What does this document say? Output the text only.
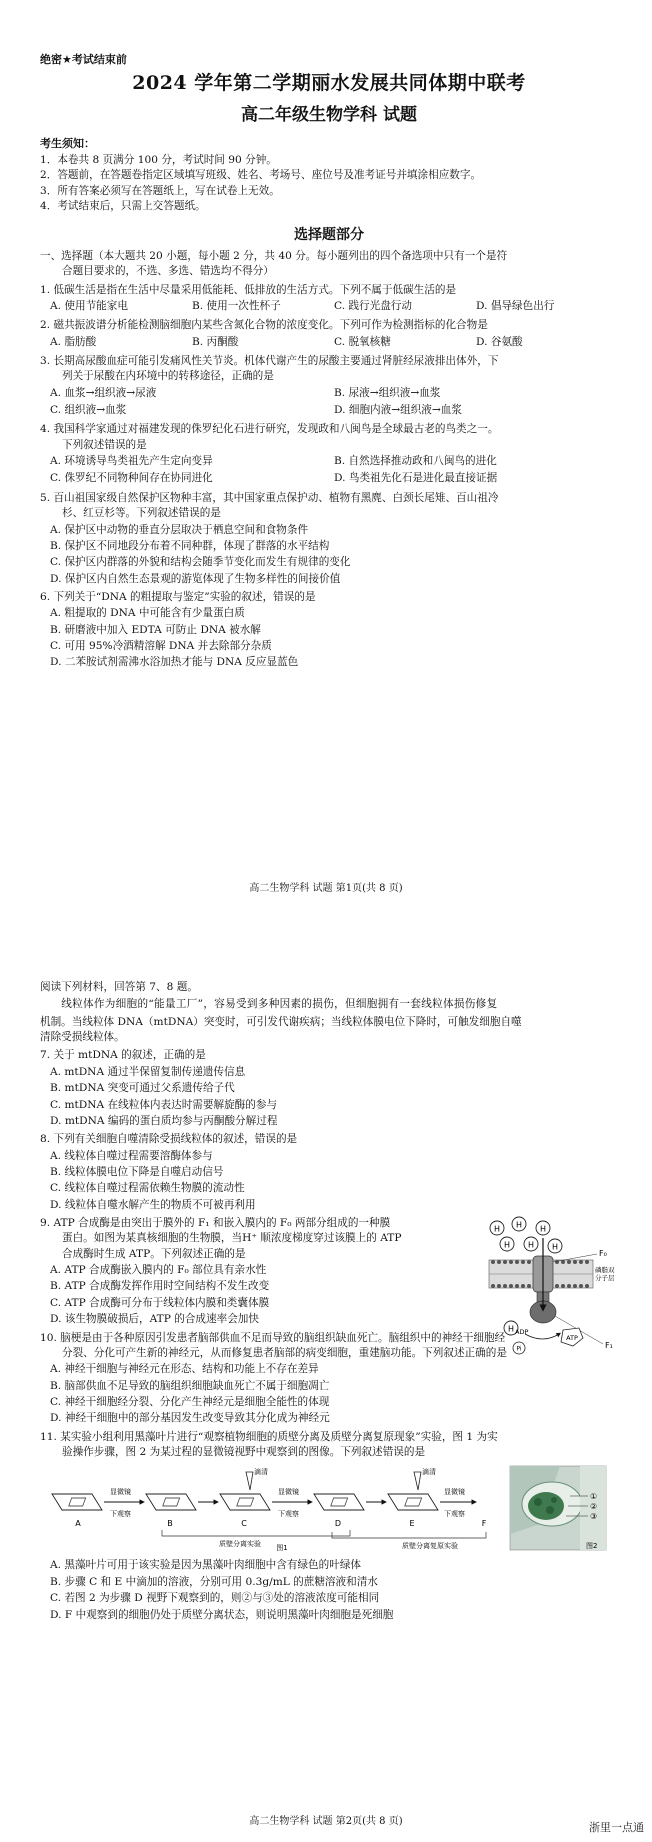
绝密★考试结束前

2024 学年第二学期丽水发展共同体期中联考

高二年级生物学科 试题

考生须知：

1．本卷共 8 页满分 100 分，考试时间 90 分钟。

2．答题前，在答题卷指定区域填写班级、姓名、考场号、座位号及准考证号并填涂相应数字。

3．所有答案必须写在答题纸上，写在试卷上无效。

4．考试结束后，只需上交答题纸。

选择题部分

一、选择题（本大题共 20 小题，每小题 2 分，共 40 分。每小题列出的四个备选项中只有一个是符

合题目要求的，不选、多选、错选均不得分）

1. 低碳生活是指在生活中尽量采用低能耗、低排放的生活方式。下列不属于低碳生活的是

A. 使用节能家电	B. 使用一次性杯子	C. 践行光盘行动	D. 倡导绿色出行

2. 磁共振波谱分析能检测脑细胞内某些含氮化合物的浓度变化。下列可作为检测指标的化合物是

A. 脂肪酸	B. 丙酮酸	C. 脱氧核糖	D. 谷氨酸

3. 长期高尿酸血症可能引发痛风性关节炎。机体代谢产生的尿酸主要通过肾脏经尿液排出体外，下

列关于尿酸在内环境中的转移途径，正确的是

A. 血浆→组织液→尿液	B. 尿液→组织液→血浆
C. 组织液→血浆	D. 细胞内液→组织液→血浆

4. 我国科学家通过对福建发现的侏罗纪化石进行研究，发现政和八闽鸟是全球最古老的鸟类之一。

下列叙述错误的是

A. 环境诱导鸟类祖先产生定向变异	B. 自然选择推动政和八闽鸟的进化
C. 侏罗纪不同物种间存在协同进化	D. 鸟类祖先化石是进化最直接证据

5. 百山祖国家级自然保护区物种丰富，其中国家重点保护动、植物有黑麂、白颈长尾雉、百山祖冷

杉、红豆杉等。下列叙述错误的是

A. 保护区中动物的垂直分层取决于栖息空间和食物条件
B. 保护区不同地段分布着不同种群，体现了群落的水平结构
C. 保护区内群落的外貌和结构会随季节变化而发生有规律的变化
D. 保护区内自然生态景观的游览体现了生物多样性的间接价值

6. 下列关于“DNA 的粗提取与鉴定”实验的叙述，错误的是

A. 粗提取的 DNA 中可能含有少量蛋白质
B. 研磨液中加入 EDTA 可防止 DNA 被水解
C. 可用 95%冷酒精溶解 DNA 并去除部分杂质
D. 二苯胺试剂需沸水浴加热才能与 DNA 反应显蓝色
高二生物学科 试题 第1页(共 8 页)

阅读下列材料，回答第 7、8 题。

线粒体作为细胞的“能量工厂”，容易受到多种因素的损伤，但细胞拥有一套线粒体损伤修复

机制。当线粒体 DNA（mtDNA）突变时，可引发代谢疾病；当线粒体膜电位下降时，可触发细胞自噬

清除受损线粒体。

7. 关于 mtDNA 的叙述，正确的是

A. mtDNA 通过半保留复制传递遗传信息
B. mtDNA 突变可通过父系遗传给子代
C. mtDNA 在线粒体内表达时需要解旋酶的参与
D. mtDNA 编码的蛋白质均参与丙酮酸分解过程

8. 下列有关细胞自噬清除受损线粒体的叙述，错误的是

A. 线粒体自噬过程需要溶酶体参与
B. 线粒体膜电位下降是自噬启动信号
C. 线粒体自噬过程需依赖生物膜的流动性
D. 线粒体自噬水解产生的物质不可被再利用

9. ATP 合成酶是由突出于膜外的 F₁ 和嵌入膜内的 F₀ 两部分组成的一种膜

蛋白。如图为某真核细胞的生物膜，当H⁺ 顺浓度梯度穿过该膜上的 ATP

合成酶时生成 ATP。下列叙述正确的是

A. ATP 合成酶嵌入膜内的 F₀ 部位具有亲水性
B. ATP 合成酶发挥作用时空间结构不发生改变
C. ATP 合成酶可分布于线粒体内膜和类囊体膜
D. 该生物膜破损后，ATP 的合成速率会加快
H H H
H H H
H
F₀
磷脂双
分子层
F₁
ADP
Pi
ATP

10. 脑梗是由于各种原因引发患者脑部供血不足而导致的脑组织缺血死亡。脑组织中的神经干细胞经

分裂、分化可产生新的神经元，从而修复患者脑部的病变细胞，重建脑功能。下列叙述正确的是

A. 神经干细胞与神经元在形态、结构和功能上不存在差异
B. 脑部供血不足导致的脑组织细胞缺血死亡不属于细胞凋亡
C. 神经干细胞经分裂、分化产生神经元是细胞全能性的体现
D. 神经干细胞中的部分基因发生改变导致其分化成为神经元

11. 某实验小组利用黑藻叶片进行“观察植物细胞的质壁分离及质壁分离复原现象”实验，图 1 为实

验操作步骤，图 2 为某过程的显微镜视野中观察到的图像。下列叙述错误的是

显微镜
下观察
滴清
显微镜
下观察
滴清
显微镜
下观察
A	B	C	D	E	F
质壁分离实验	质壁分离复原实验
图1
①
②
③
图2
A. 黑藻叶片可用于该实验是因为黑藻叶肉细胞中含有绿色的叶绿体
B. 步骤 C 和 E 中滴加的溶液，分别可用 0.3g/mL 的蔗糖溶液和清水
C. 若图 2 为步骤 D 视野下观察到的，则②与③处的溶液浓度可能相同
D. F 中观察到的细胞仍处于质壁分离状态，则说明黑藻叶肉细胞是死细胞
高二生物学科 试题 第2页(共 8 页)	浙里一点通
